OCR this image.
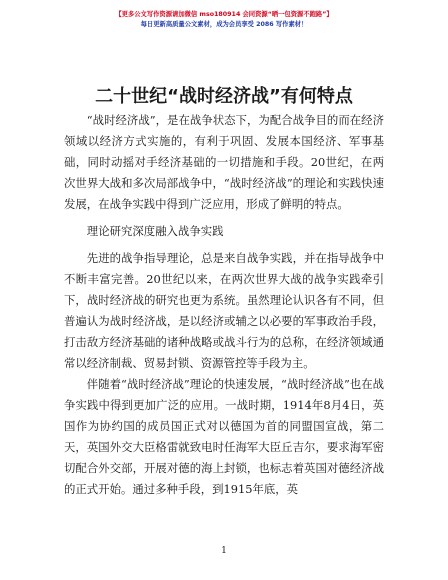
【更多公文写作资源请加微信 mso180914 会同资源“晒一包资源不跑路”】
每日更新高质量公文素材，成为会员享受 2086 写作素材！
二十世纪“战时经济战”有何特点

“战时经济战”，是在战争状态下，为配合战争目的而在经济领域以经济方式实施的，有利于巩固、发展本国经济、军事基础，同时动摇对手经济基础的一切措施和手段。20世纪，在两次世界大战和多次局部战争中，“战时经济战”的理论和实践快速发展，在战争实践中得到广泛应用，形成了鲜明的特点。

理论研究深度融入战争实践

先进的战争指导理论，总是来自战争实践，并在指导战争中不断丰富完善。20世纪以来，在两次世界大战的战争实践牵引下，战时经济战的研究也更为系统。虽然理论认识各有不同，但普遍认为战时经济战，是以经济或辅之以必要的军事政治手段，打击敌方经济基础的诸种战略或战斗行为的总称，在经济领域通常以经济制裁、贸易封锁、资源管控等手段为主。

伴随着“战时经济战”理论的快速发展，“战时经济战”也在战争实践中得到更加广泛的应用。一战时期，1914年8月4日，英国作为协约国的成员国正式对以德国为首的同盟国宣战，第二天，英国外交大臣格雷就致电时任海军大臣丘吉尔，要求海军密切配合外交部，开展对德的海上封锁，也标志着英国对德经济战的正式开始。通过多种手段，到1915年底，英

1
